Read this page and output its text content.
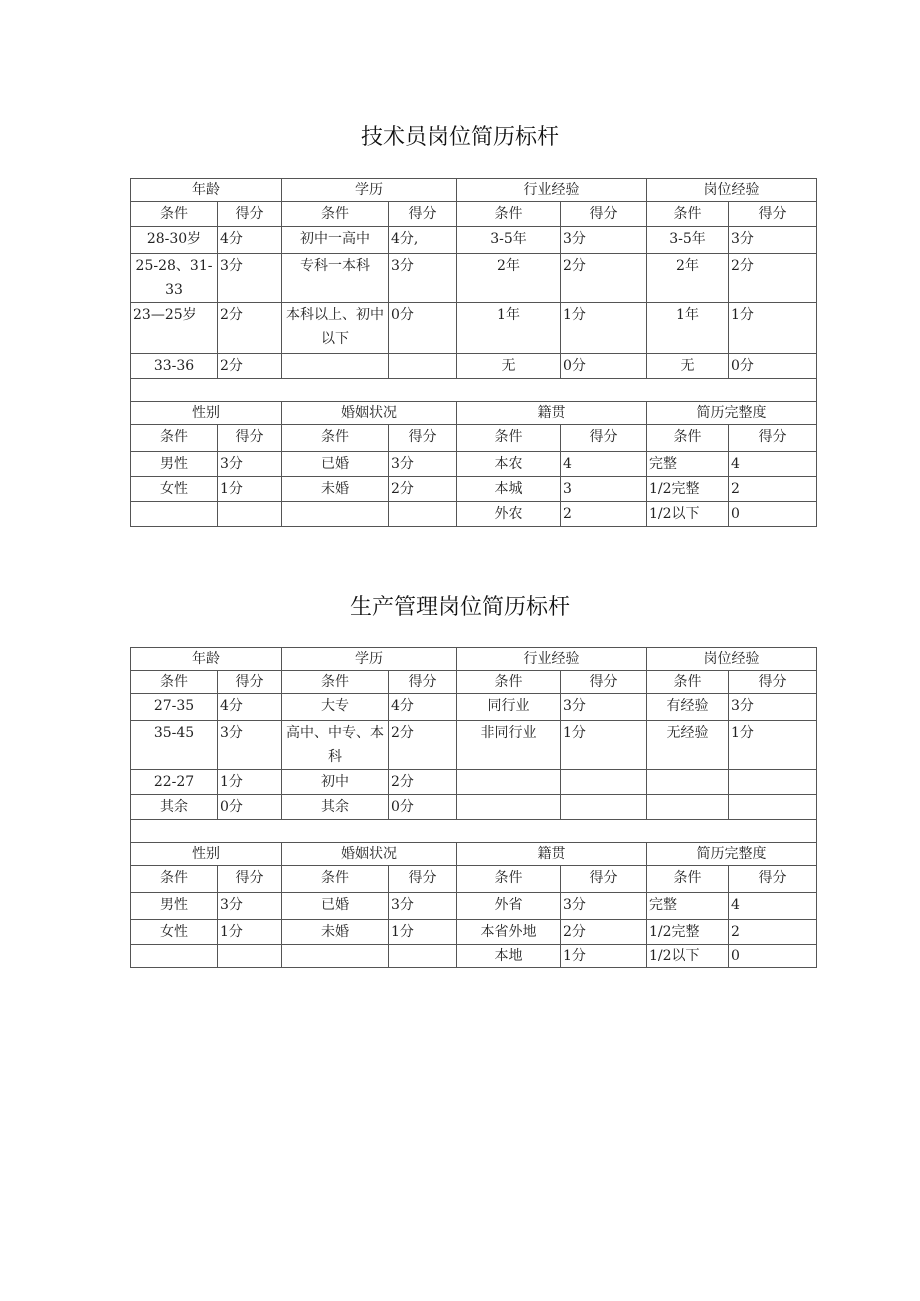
技术员岗位简历标杆
年龄		学历		行业经验		岗位经验	
条件	得分	条件	得分	条件	得分	条件	得分
28-30岁	4分	初中一高中	4分,	3-5年	3分	3-5年	3分
25-28、31-33	3分	专科一本科	3分	2年	2分	2年	2分
23—25岁	2分	本科以上、初中以下	0分	1年	1分	1年	1分
33-36	2分			无	0分	无	0分

性别		婚姻状况		籍贯		简历完整度	
条件	得分	条件	得分	条件	得分	条件	得分
男性	3分	已婚	3分	本农	4	完整	4
女性	1分	未婚	2分	本城	3	1/2完整	2
				外农	2	1/2以下	0
生产管理岗位简历标杆
年龄		学历		行业经验		岗位经验	
条件	得分	条件	得分	条件	得分	条件	得分
27-35	4分	大专	4分	同行业	3分	有经验	3分
35-45	3分	高中、中专、本科	2分	非同行业	1分	无经验	1分
22-27	1分	初中	2分				
其余	0分	其余	0分				

性别		婚姻状况		籍贯		简历完整度	
条件	得分	条件	得分	条件	得分	条件	得分
男性	3分	已婚	3分	外省	3分	完整	4
女性	1分	未婚	1分	本省外地	2分	1/2完整	2
				本地	1分	1/2以下	0
